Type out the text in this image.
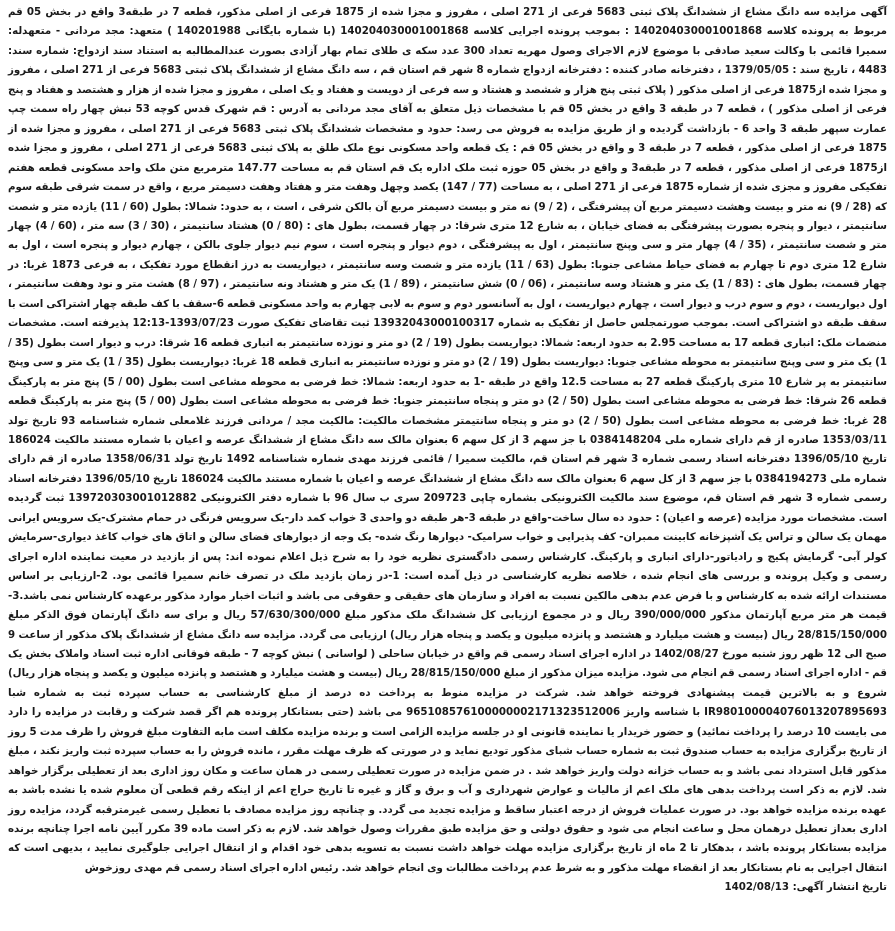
آگهی مزایده سه دانگ مشاع از ششدانگ پلاک ثبتی 5683 فرعی از 271 اصلی ، مفروز و مجزا شده از 1875 فرعی از اصلی مذکور، قطعه 7 در طبقه3 واقع در بخش 05 قم مربوط به پرونده کلاسه 140204030001001868 : بموجب پرونده اجرایی کلاسه 140204030001001868 (با شماره بایگانی 140201988 ) متعهد: مجد مردانی - متعهدله: سمیرا قائمی با وکالت سعید صادقی با موضوع لازم الاجرای وصول مهریه تعداد 300 عدد سکه ی طلای تمام بهار آزادی بصورت عندالمطالبه به استناد سند ازدواج: شماره سند: 4483 ، تاریخ سند : 1379/05/05 ، دفترخانه صادر کننده : دفترخانه ازدواج شماره 8 شهر قم استان قم ، سه دانگ مشاع از ششدانگ پلاک ثبتی 5683 فرعی از 271 اصلی ، مفروز و مجزا شده از1875 فرعی از اصلی مذکور ( پلاک ثبتی پنج هزار و ششصد و هشتاد و سه فرعی از دویست و هفتاد و یک اصلی ، مفروز و مجزا شده از هزار و هشتصد و هفتاد و پنج فرعی از اصلی مذکور ) ، قطعه 7 در طبقه 3 واقع در بخش 05 قم با مشخصات ذیل متعلق به آقای مجد مردانی به آدرس : قم شهرک قدس کوچه 53 نبش چهار راه سمت چپ عمارت سپهر طبقه 3 واحد 6 - بازداشت گردیده و از طریق مزایده به فروش می رسد: حدود و مشخصات ششدانگ پلاک ثبتی 5683 فرعی از 271 اصلی ، مفروز و مجزا شده از 1875 فرعی از اصلی مذکور ، قطعه 7 در طبقه 3 و واقع در بخش 05 قم : یک قطعه واحد مسکونی نوع ملک طلق به پلاک ثبتی 5683 فرعی از 271 اصلی ، مفروز و مجزا شده از1875 فرعی از اصلی مذکور ، قطعه 7 در طبقه3 و واقع در بخش 05 حوزه ثبت ملک اداره یک قم استان قم به مساحت 147.77 مترمربع متن ملک واحد مسکونی قطعه هفتم تفکیکی مفروز و مجزی شده از شماره 1875 فرعی از 271 اصلی ، به مساحت (77 / 147) یکصد وچهل وهفت متر و هفتاد وهفت دسیمتر مربع ، واقع در سمت شرقی طبقه سوم که (28 / 9) نه متر و بیست وهشت دسیمتر مربع آن پیشرفتگی ، (2 / 9) نه متر و بیست دسیمتر مربع آن بالکن شرقی ، است ، به حدود: شمالا: بطول (60 / 11) یازده متر و شصت سانتیمتر ، دیوار و پنجره بصورت پیشرفتگی به فضای خیابان ، به شارع 12 متری شرقا: در چهار قسمت، بطول های : (80 / 0) هشتاد سانتیمتر ، (30 / 3) سه متر ، (60 / 4) چهار متر و شصت سانتیمتر ، (35 / 4) چهار متر و سی وپنج سانتیمتر ، اول به پیشرفتگی ، دوم دیوار و پنجره است ، سوم نیم دیوار جلوی بالکن ، چهارم دیوار و پنجره است ، اول به شارع 12 متری دوم تا چهارم به فضای حیاط مشاعی جنوبا: بطول (63 / 11) یازده متر و شصت وسه سانتیمتر ، دیواریست به درز انقطاع مورد تفکیک ، به فرعی 1873 غربا: در چهار قسمت، بطول های : (83 / 1) یک متر و هشتاد وسه سانتیمتر ، (06 / 0) شش سانتیمتر ، (89 / 1) یک متر و هشتاد ونه سانتیمتر ، (97 / 8) هشت متر و نود وهفت سانتیمتر ، اول دیواریست ، دوم و سوم درب و دیوار است ، چهارم دیواریست ، اول به آسانسور دوم و سوم به لابی چهارم به واحد مسکونی قطعه 6-سقف با کف طبقه چهار اشتراکی است با سقف طبقه دو اشتراکی است. بموجب صورتمجلس حاصل از تفکیک به شماره 13932043000100317 ثبت تقاضای تفکیک صورت 1393/07/23-12:13 پذیرفته است. مشخصات منضمات ملک: انباری قطعه 17 به مساحت 2.95 به حدود اربعه: شمالا: دیواریست بطول (19 / 2) دو متر و نوزده سانتیمتر به انباری قطعه 16 شرقا: درب و دیوار است بطول (35 / 1) یک متر و سی وپنج سانتیمتر به محوطه مشاعی جنوبا: دیواریست بطول (19 / 2) دو متر و نوزده سانتیمتر به انباری قطعه 18 غربا: دیواریست بطول (35 / 1) یک متر و سی وپنج سانتیمتر به پر شارع 10 متری پارکینگ قطعه 27 به مساحت 12.5 واقع در طبقه -1 به حدود اربعه: شمالا: خط فرضی به محوطه مشاعی است بطول (00 / 5) پنج متر به پارکینگ قطعه 26 شرقا: خط فرضی به محوطه مشاعی است بطول (50 / 2) دو متر و پنجاه سانتیمتر جنوبا: خط فرضی به محوطه مشاعی است بطول (00 / 5) پنج متر به پارکینگ قطعه 28 غربا: خط فرضی به محوطه مشاعی است بطول (50 / 2) دو متر و پنجاه سانتیمتر مشخصات مالکیت: مالکیت مجد / مردانی فرزند غلامعلی شماره شناسنامه 93 تاریخ تولد 1353/03/11 صادره از قم دارای شماره ملی 0384148204 با جز سهم 3 از کل سهم 6 بعنوان مالک سه دانگ مشاع از ششدانگ عرصه و اعیان با شماره مستند مالکیت 186024 تاریخ 1396/05/10 دفترخانه اسناد رسمی شماره 3 شهر قم استان قم، مالکیت سمیرا / قائمی فرزند مهدی شماره شناسنامه 1492 تاریخ تولد 1358/06/31 صادره از قم دارای شماره ملی 0384194273 با جز سهم 3 از کل سهم 6 بعنوان مالک سه دانگ مشاع از ششدانگ عرصه و اعیان با شماره مستند مالکیت 186024 تاریخ 1396/05/10 دفترخانه اسناد رسمی شماره 3 شهر قم استان قم، موضوع سند مالکیت الکترونیکی بشماره چاپی 209723 سری ب سال 96 با شماره دفتر الکترونیکی 139720303001012882 ثبت گردیده است. مشخصات مورد مزایده (عرصه و اعیان) : حدود ده سال ساخت-واقع در طبقه 3-هر طبقه دو واحدی 3 خواب کمد دار-یک سرویس فرنگی در حمام مشترک-یک سرویس ایرانی مهمان یک سالن و تراس یک آشپزخانه کابینت ممبران- کف پذیرایی و خواب سرامیک- دیوارها رنگ شده- یک وجه از دیوارهای فضای سالن و اتاق های خواب کاغذ دیواری-سرمایش کولر آبی- گرمایش پکیج و رادیاتور-دارای انباری و پارکینگ. کارشناس رسمی دادگستری نظریه خود را به شرح ذیل اعلام نموده اند: پس از بازدید در معیت نماینده اداره اجرای رسمی و وکیل پرونده و بررسی های انجام شده ، خلاصه نظریه کارشناسی در ذیل آمده است: 1-در زمان بازدید ملک در تصرف خانم سمیرا قائمی بود. 2-ارزیابی بر اساس مستندات ارائه شده به کارشناس و با فرض عدم بدهی مالکین نسبت به افراد و سازمان های حقیقی و حقوقی می باشد و اثبات اخبار موارد مذکور برعهده کارشناس نمی باشد.3-قیمت هر متر مربع آپارتمان مذکور 390/000/000 ریال و در مجموع ارزیابی کل ششدانگ ملک مذکور مبلغ 57/630/300/000 ریال و برای سه دانگ آپارتمان فوق الذکر مبلغ 28/815/150/000 ریال (بیست و هشت میلیارد و هشتصد و پانزده میلیون و یکصد و پنجاه هزار ریال) ارزیابی می گردد. مزایده سه دانگ مشاع از ششدانگ پلاک مذکور از ساعت 9 صبح الی 12 ظهر روز شنبه مورخ 1402/08/27 در اداره اجرای اسناد رسمی قم واقع در خیابان ساحلی ( لواسانی ) نبش کوچه 7 - طبقه فوقانی اداره ثبت اسناد واملاک بخش یک قم - اداره اجرای اسناد رسمی قم انجام می شود. مزایده میزان مذکور از مبلغ 28/815/150/000 ریال (بیست و هشت میلیارد و هشتصد و پانزده میلیون و یکصد و پنجاه هزار ریال) شروع و به بالاترین قیمت پیشنهادی فروخته خواهد شد. شرکت در مزایده منوط به پرداخت ده درصد از مبلغ کارشناسی به حساب سپرده ثبت به شماره شبا IR980100004076013207895693 با شناسه واریز 965108576100000002171323512006 می باشد (حتی بستانکار پرونده هم اگر قصد شرکت و رقابت در مزایده را دارد می بایست 10 درصد را پرداخت نمائید) و حضور خریدار یا نماینده قانونی او در جلسه مزایده الزامی است و برنده مزایده مکلف است مابه التفاوت مبلغ فروش را ظرف مدت 5 روز از تاریخ برگزاری مزایده به حساب صندوق ثبت به شماره حساب شبای مذکور تودیع نماید و در صورتی که ظرف مهلت مقرر ، مانده فروش را به حساب سپرده ثبت واریز نکند ، مبلغ مذکور قابل استرداد نمی باشد و به حساب خزانه دولت واریز خواهد شد . در ضمن مزایده در صورت تعطیلی رسمی در همان ساعت و مکان روز اداری بعد از تعطیلی برگزار خواهد شد. لازم به ذکر است پرداخت بدهی های ملک اعم از مالیات و عوارض شهرداری و آب و برق و گاز و غیره تا تاریخ حراج اعم از اینکه رقم قطعی آن معلوم شده یا نشده باشد به عهده برنده مزایده خواهد بود. در صورت عملیات فروش از درجه اعتبار ساقط و مزایده تجدید می گردد. و چنانچه روز مزایده مصادف با تعطیل رسمی غیرمترقبه گردد، مزایده روز اداری بعداز تعطیل درهمان محل و ساعت انجام می شود و حقوق دولتی و حق مزایده طبق مقررات وصول خواهد شد. لازم به ذکر است ماده 39 مکرر آیین نامه اجرا چنانچه برنده مزایده بستانکار پرونده باشد ، بدهکار تا 2 ماه از تاریخ برگزاری مزایده مهلت خواهد داشت نسبت به تسویه بدهی خود اقدام و از انتقال اجرایی جلوگیری نمایید ، بدیهی است که انتقال اجرایی به نام بستانکار بعد از انقضاء مهلت مذکور و به شرط عدم پرداخت مطالبات وی انجام خواهد شد. رئیس اداره اجرای اسناد رسمی قم مهدی روزخوش

تاریخ انتشار آگهی: 1402/08/13
